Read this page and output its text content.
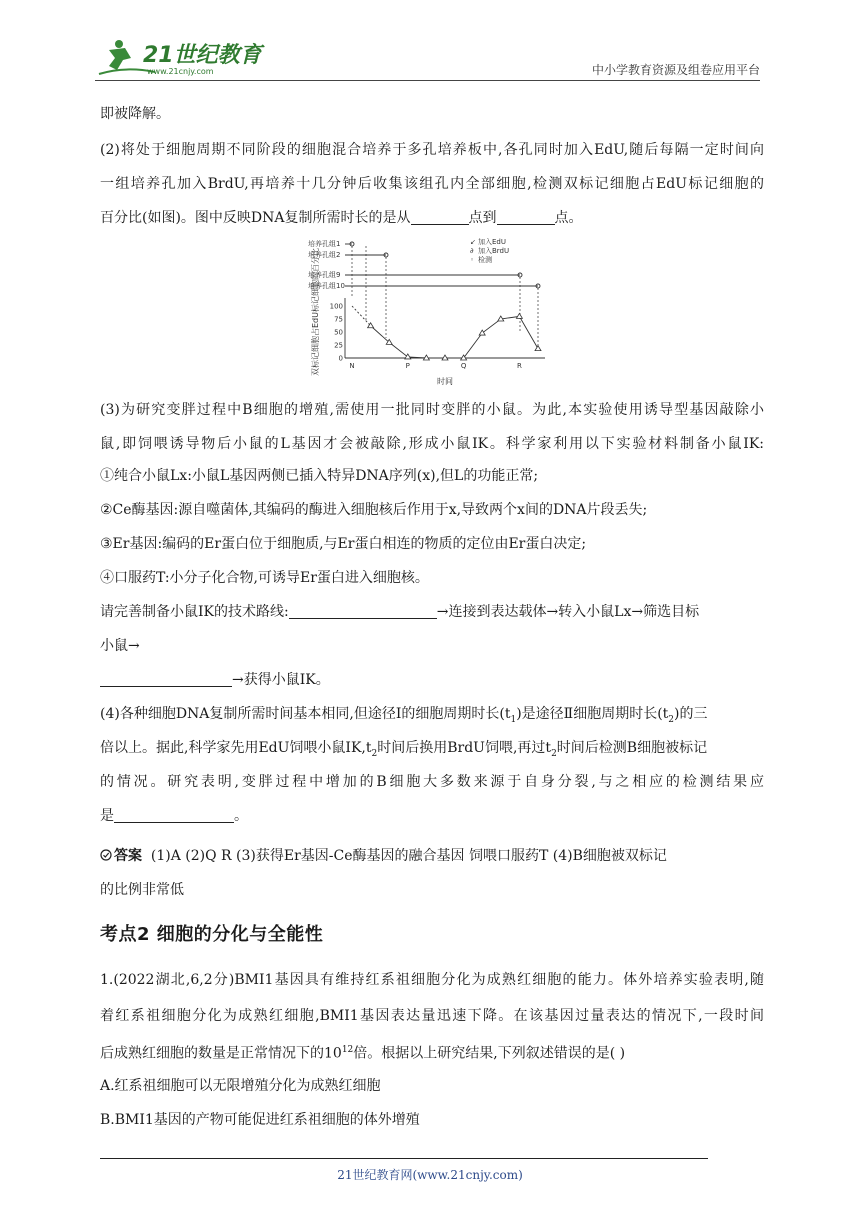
21世纪教育
www.21cnjy.com	中小学教育资源及组卷应用平台
即被降解。
(2)将处于细胞周期不同阶段的细胞混合培养于多孔培养板中,各孔同时加入EdU,随后每隔一定时间向
一组培养孔加入BrdU,再培养十几分钟后收集该组孔内全部细胞,检测双标记细胞占EdU标记细胞的
百分比(如图)。图中反映DNA复制所需时长的是从	点到	点。
培养孔组1
培养孔组2
培养孔组9
培养孔组10
加入EdU
加入BrdU
检测
↙
∂
◦
双标记细胞占EdU标记细胞的百分比 100
75
50
25
0
N	P	Q	R
时间
(3)为研究变胖过程中B细胞的增殖,需使用一批同时变胖的小鼠。为此,本实验使用诱导型基因敲除小
鼠,即饲喂诱导物后小鼠的L基因才会被敲除,形成小鼠IK。科学家利用以下实验材料制备小鼠IK:
①纯合小鼠Lx:小鼠L基因两侧已插入特异DNA序列(x),但L的功能正常;
②Ce酶基因:源自噬菌体,其编码的酶进入细胞核后作用于x,导致两个x间的DNA片段丢失;
③Er基因:编码的Er蛋白位于细胞质,与Er蛋白相连的物质的定位由Er蛋白决定;
④口服药T:小分子化合物,可诱导Er蛋白进入细胞核。
请完善制备小鼠IK的技术路线:	→连接到表达载体→转入小鼠Lx→筛选目标
小鼠→
→获得小鼠IK。
(4)各种细胞DNA复制所需时间基本相同,但途径Ⅰ的细胞周期时长$(t_1)$是途径Ⅱ细胞周期时长$(t_2)$的三
倍以上。据此,科学家先用EdU饲喂小鼠$IK,t_2$时间后换用BrdU饲喂,再过$t_2$时间后检测B细胞被标记
的情况。研究表明,变胖过程中增加的B细胞大多数来源于自身分裂,与之相应的检测结果应
是	。
答案 (1)A (2)Q R (3)获得Er基因-Ce酶基因的融合基因 饲喂口服药T (4)B细胞被双标记
的比例非常低
考点2 细胞的分化与全能性
1.(2022湖北,6,2分)BMI1基因具有维持红系祖细胞分化为成熟红细胞的能力。体外培养实验表明,随
着红系祖细胞分化为成熟红细胞,BMI1基因表达量迅速下降。在该基因过量表达的情况下,一段时间
后成熟红细胞的数量是正常情况下的$10^{12}$倍。根据以上研究结果,下列叙述错误的是( )
A.红系祖细胞可以无限增殖分化为成熟红细胞
B.BMI1基因的产物可能促进红系祖细胞的体外增殖
21世纪教育网(www.21cnjy.com)
